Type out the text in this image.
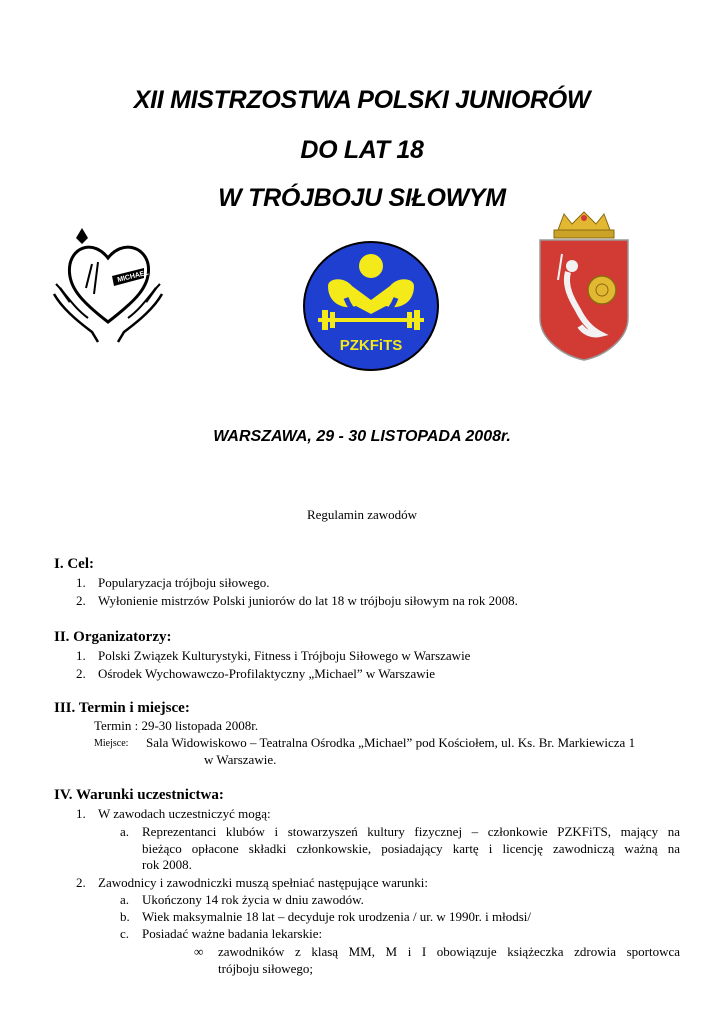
XII MISTRZOSTWA POLSKI JUNIORÓW
DO LAT 18
W TRÓJBOJU SIŁOWYM
MICHAEL
PZKFiTS
WARSZAWA, 29 - 30 LISTOPADA 2008r.
Regulamin zawodów
I. Cel:
1. Popularyzacja trójboju siłowego.
2. Wyłonienie mistrzów Polski juniorów do lat 18 w trójboju siłowym na rok 2008.
II. Organizatorzy:
1. Polski Związek Kulturystyki, Fitness i Trójboju Siłowego w Warszawie
2. Ośrodek Wychowawczo-Profilaktyczny „Michael” w Warszawie
III. Termin i miejsce:
Termin : 29-30 listopada 2008r.
Miejsce: Sala Widowiskowo – Teatralna Ośrodka „Michael” pod Kościołem, ul. Ks. Br. Markiewicza 1
w Warszawie.
IV. Warunki uczestnictwa:
1. W zawodach uczestniczyć mogą:
a. Reprezentanci klubów i stowarzyszeń kultury fizycznej – członkowie PZKFiTS, mający na
bieżąco opłacone składki członkowskie, posiadający kartę i licencję zawodniczą ważną na
rok 2008.
2. Zawodnicy i zawodniczki muszą spełniać następujące warunki:
a. Ukończony 14 rok życia w dniu zawodów.
b. Wiek maksymalnie 18 lat – decyduje rok urodzenia / ur. w 1990r. i młodsi/
c. Posiadać ważne badania lekarskie:
∞ zawodników z klasą MM, M i I obowiązuje książeczka zdrowia sportowca
trójboju siłowego;
